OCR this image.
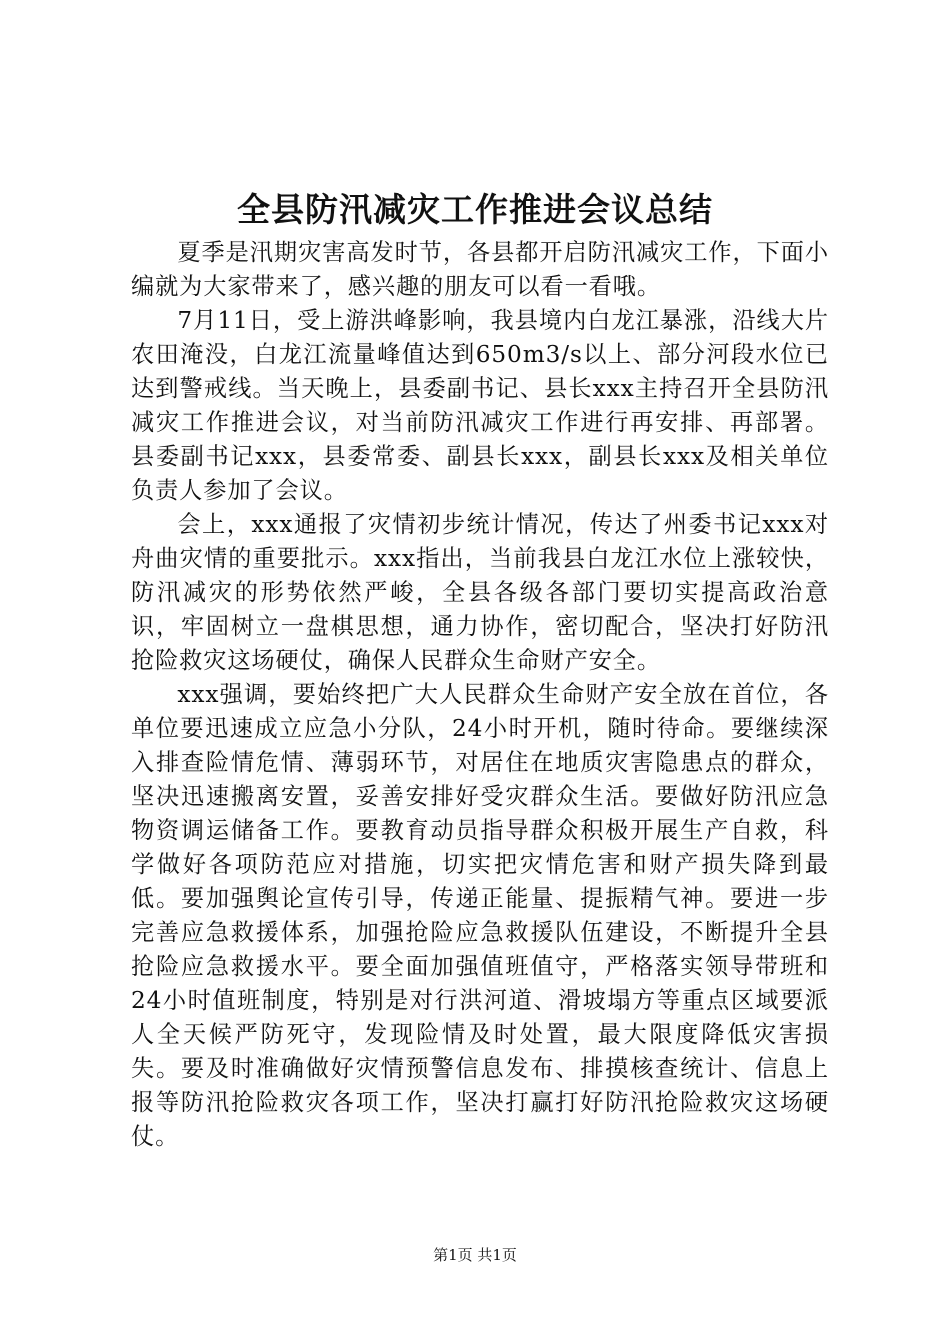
全县防汛减灾工作推进会议总结

夏季是汛期灾害高发时节，各县都开启防汛减灾工作，下面小编就为大家带来了，感兴趣的朋友可以看一看哦。

7月11日，受上游洪峰影响，我县境内白龙江暴涨，沿线大片农田淹没，白龙江流量峰值达到650m3/s以上、部分河段水位已达到警戒线。当天晚上，县委副书记、县长xxx主持召开全县防汛减灾工作推进会议，对当前防汛减灾工作进行再安排、再部署。县委副书记xxx，县委常委、副县长xxx，副县长xxx及相关单位负责人参加了会议。

会上，xxx通报了灾情初步统计情况，传达了州委书记xxx对舟曲灾情的重要批示。xxx指出，当前我县白龙江水位上涨较快，防汛减灾的形势依然严峻，全县各级各部门要切实提高政治意识，牢固树立一盘棋思想，通力协作，密切配合，坚决打好防汛抢险救灾这场硬仗，确保人民群众生命财产安全。

xxx强调，要始终把广大人民群众生命财产安全放在首位，各单位要迅速成立应急小分队，24小时开机，随时待命。要继续深入排查险情危情、薄弱环节，对居住在地质灾害隐患点的群众，坚决迅速搬离安置，妥善安排好受灾群众生活。要做好防汛应急物资调运储备工作。要教育动员指导群众积极开展生产自救，科学做好各项防范应对措施，切实把灾情危害和财产损失降到最低。要加强舆论宣传引导，传递正能量、提振精气神。要进一步完善应急救援体系，加强抢险应急救援队伍建设，不断提升全县抢险应急救援水平。要全面加强值班值守，严格落实领导带班和24小时值班制度，特别是对行洪河道、滑坡塌方等重点区域要派人全天候严防死守，发现险情及时处置，最大限度降低灾害损失。要及时准确做好灾情预警信息发布、排摸核查统计、信息上报等防汛抢险救灾各项工作，坚决打赢打好防汛抢险救灾这场硬仗。

第1页 共1页
